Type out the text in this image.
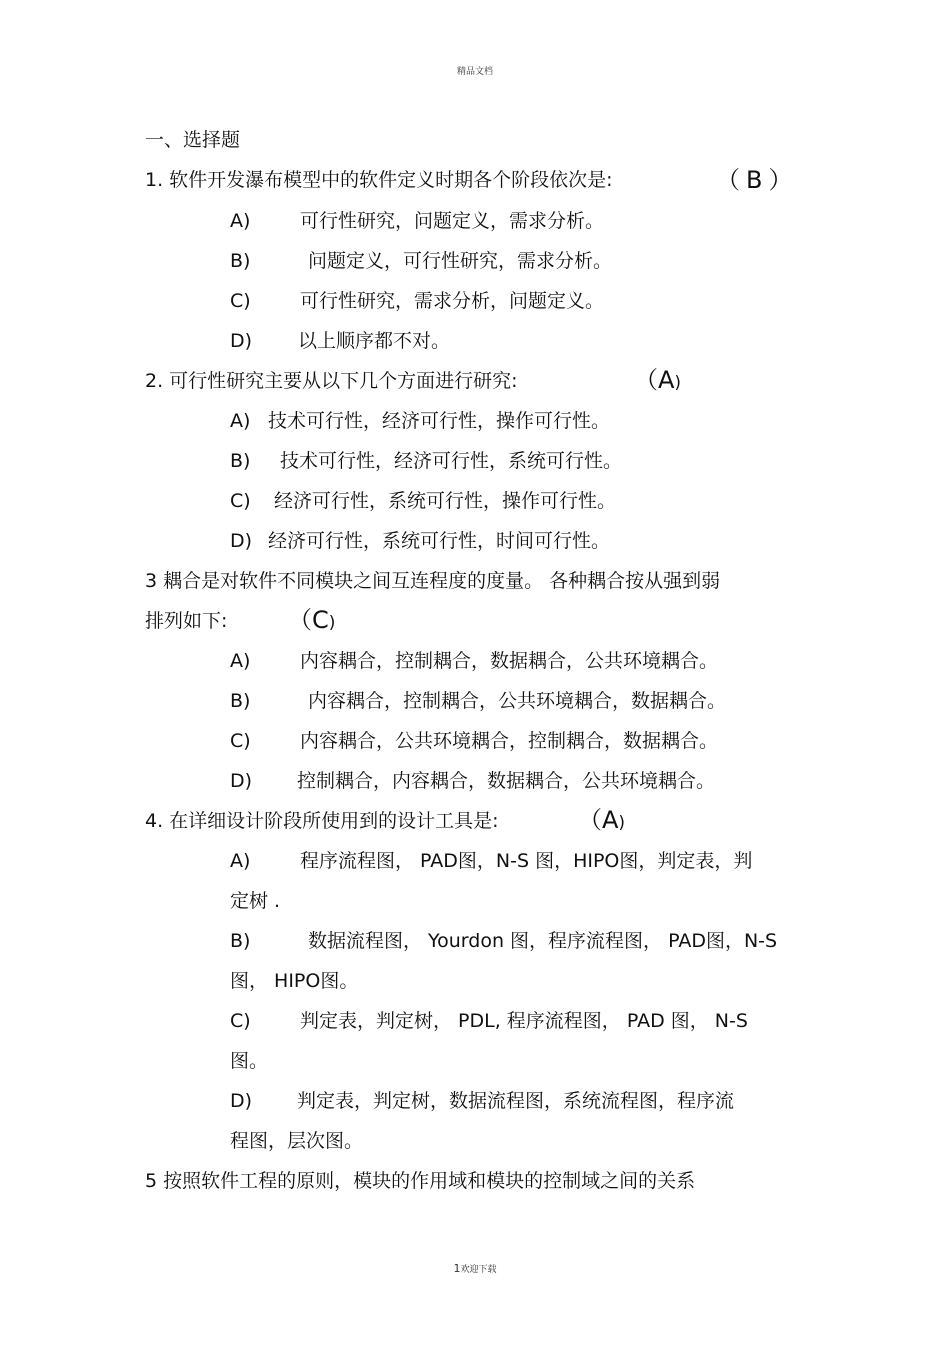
精品文档
一、选择题
1. 软件开发瀑布模型中的软件定义时期各个阶段依次是:	（ B ）
A)	可行性研究，问题定义，需求分析。
B)	问题定义，可行性研究，需求分析。
C)	可行性研究，需求分析，问题定义。
D) 以上顺序都不对。
2. 可行性研究主要从以下几个方面进行研究:	（A)
A) 技术可行性，经济可行性，操作可行性。
B) 技术可行性，经济可行性，系统可行性。
C) 经济可行性，系统可行性，操作可行性。
D) 经济可行性，系统可行性，时间可行性。
3 耦合是对软件不同模块之间互连程度的度量。 各种耦合按从强到弱
排列如下:	（C)
A)	内容耦合，控制耦合，数据耦合，公共环境耦合。
B)	内容耦合，控制耦合，公共环境耦合，数据耦合。
C)	内容耦合，公共环境耦合，控制耦合，数据耦合。
D) 控制耦合，内容耦合，数据耦合，公共环境耦合。
4. 在详细设计阶段所使用到的设计工具是:	（A)
A)	程序流程图， PAD图，N-S 图，HIPO图，判定表，判
定树 .
B)	数据流程图， Yourdon 图，程序流程图， PAD图，N-S
图， HIPO图。
C)	判定表，判定树， PDL, 程序流程图， PAD 图， N-S
图。
D) 判定表，判定树，数据流程图，系统流程图，程序流
程图，层次图。
5 按照软件工程的原则，模块的作用域和模块的控制域之间的关系
1欢迎下载
